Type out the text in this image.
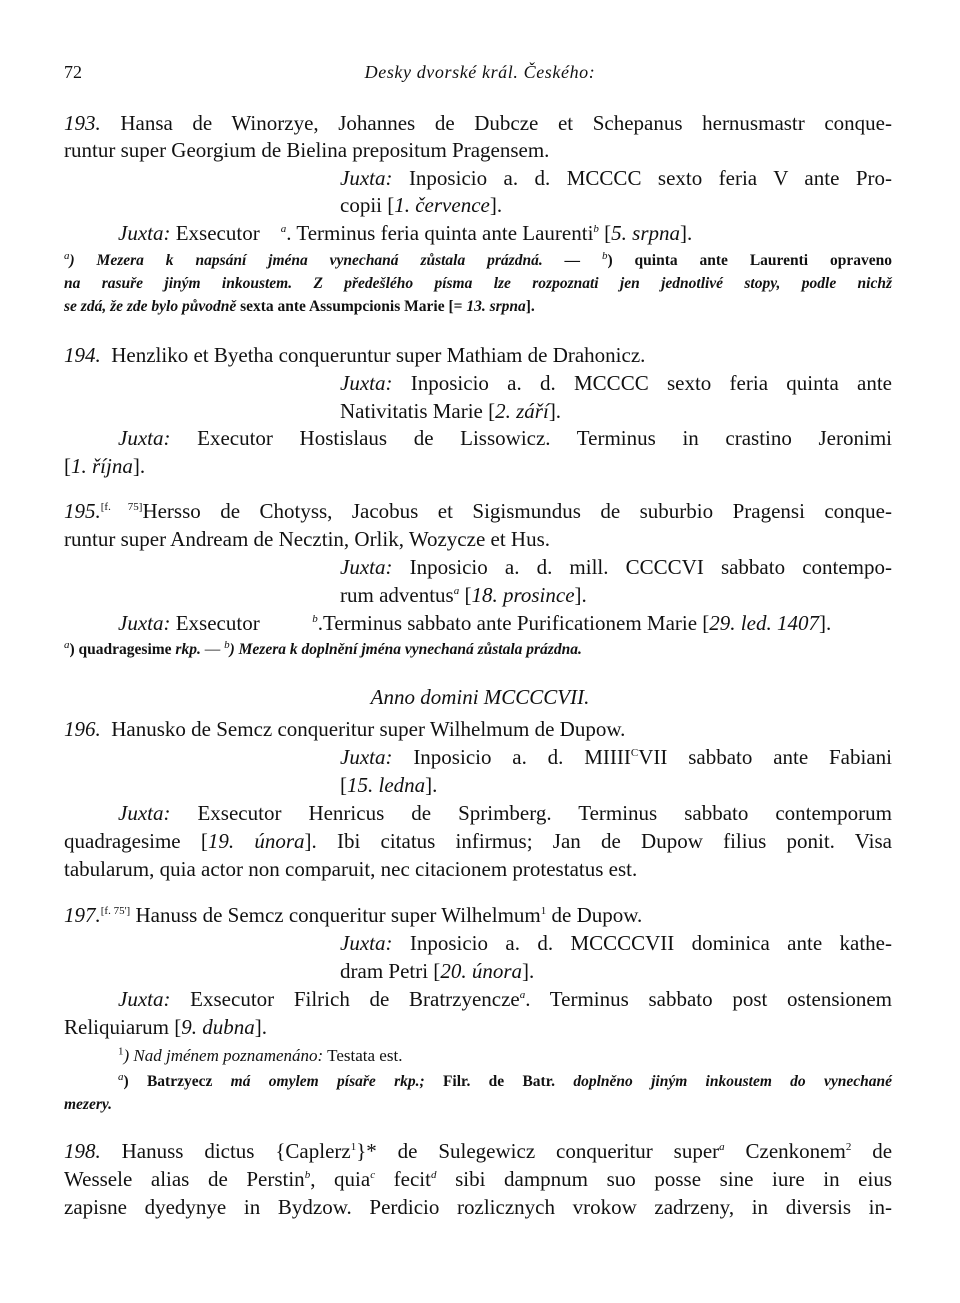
72	Desky dvorské král. Českého:
193. Hansa de Winorzye, Johannes de Dubcze et Schepanus hernusmastr conque-
runtur super Georgium de Bielina prepositum Pragensem.
Juxta: Inposicio a. d. MCCCC sexto feria V ante Pro-
copii [1. července].
Juxta: Exsecutor $^a$. Terminus feria quinta ante Laurenti$^b$ [5. srpna].
$^a$) Mezera k napsání jména vynechaná zůstala prázdná. — $^b$) quinta ante Laurenti opraveno
na rasuře jiným inkoustem. Z předešlého písma lze rozpoznati jen jednotlivé stopy, podle nichž
se zdá, že zde bylo původně sexta ante Assumpcionis Marie [= 13. srpna].
194. Henzliko et Byetha conqueruntur super Mathiam de Drahonicz.
Juxta: Inposicio a. d. MCCCC sexto feria quinta ante
Nativitatis Marie [2. září].
Juxta: Executor Hostislaus de Lissowicz. Terminus in crastino Jeronimi
[1. října].
195.[f. 75]Hersso de Chotyss, Jacobus et Sigismundus de suburbio Pragensi conque-
runtur super Andream de Necztin, Orlik, Wozycze et Hus.
Juxta: Inposicio a. d. mill. CCCCVI sabbato contempo-
rum adventus$^a$ [18. prosince].
Juxta: Exsecutor	$^b$.Terminus sabbato ante Purificationem Marie [29. led. 1407].
$^a$) quadragesime rkp. — $^b$) Mezera k doplnění jména vynechaná zůstala prázdna.
Anno domini MCCCCVII.
196. Hanusko de Semcz conqueritur super Wilhelmum de Dupow.
Juxta: Inposicio a. d. $MIIII^CVII$ sabbato ante Fabiani
[15. ledna].
Juxta: Exsecutor Henricus de Sprimberg. Terminus sabbato contemporum
quadragesime [19. února]. Ibi citatus infirmus; Jan de Dupow filius ponit. Visa
tabularum, quia actor non comparuit, nec citacionem protestatus est.
197.[f. 75'] Hanuss de Semcz conqueritur super Wilhelmum$^1$ de Dupow.
Juxta: Inposicio a. d. MCCCCVII dominica ante kathe-
dram Petri [20. února].
Juxta: Exsecutor Filrich de Bratrzyencze$^a$. Terminus sabbato post ostensionem
Reliquiarum [9. dubna].
$^1$) Nad jménem poznamenáno: Testata est.
$^a$) Batrzyecz má omylem písaře rkp.; Filr. de Batr. doplněno jiným inkoustem do vynechané
mezery.
198. Hanuss dictus {Caplerz$^1$}* de Sulegewicz conqueritur super$^a$ Czenkonem$^2$ de
Wessele alias de Perstin$^b$, quia$^c$ fecit$^d$ sibi dampnum suo posse sine iure in eius
zapisne dyedynye in Bydzow. Perdicio rozlicznych vrokow zadrzeny, in diversis in-
